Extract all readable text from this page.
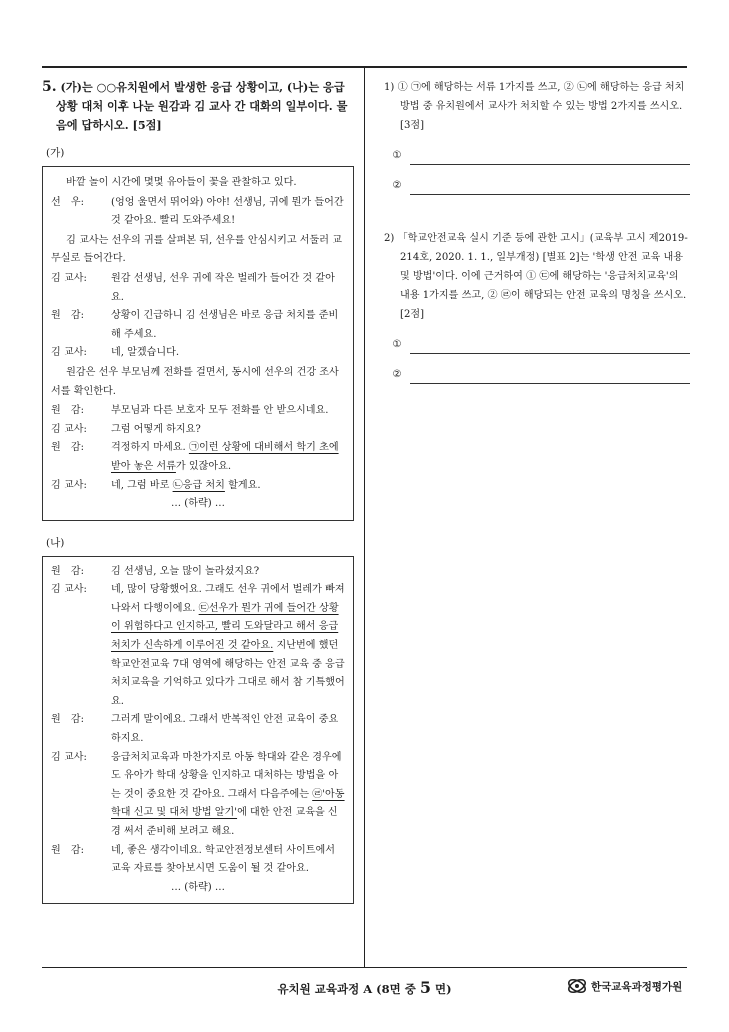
5. (가)는 ○○유치원에서 발생한 응급 상황이고, (나)는 응급 상황 대처 이후 나눈 원감과 김 교사 간 대화의 일부이다. 물음에 답하시오. [5점]
(가)
바깥 놀이 시간에 몇몇 유아들이 꽃을 관찰하고 있다.
선　우:	(엉엉 울면서 뛰어와) 아야! 선생님, 귀에 뭔가 들어간 것 같아요. 빨리 도와주세요!
김 교사는 선우의 귀를 살펴본 뒤, 선우를 안심시키고 서둘러 교무실로 들어간다.
김 교사:	원감 선생님, 선우 귀에 작은 벌레가 들어간 것 같아요.
원　감:	상황이 긴급하니 김 선생님은 바로 응급 처치를 준비해 주세요.
김 교사:	네, 알겠습니다.
원감은 선우 부모님께 전화를 걸면서, 동시에 선우의 건강 조사서를 확인한다.
원　감:	부모님과 다른 보호자 모두 전화를 안 받으시네요.
김 교사:	그럼 어떻게 하지요?
원　감:	걱정하지 마세요. ㉠이런 상황에 대비해서 학기 초에 받아 놓은 서류가 있잖아요.
김 교사:	네, 그럼 바로 ㉡응급 처치 할게요.
… (하략) …
(나)
원　감:	김 선생님, 오늘 많이 놀라셨지요?
김 교사:	네, 많이 당황했어요. 그래도 선우 귀에서 벌레가 빠져 나와서 다행이에요. ㉢선우가 뭔가 귀에 들어간 상황이 위험하다고 인지하고, 빨리 도와달라고 해서 응급 처치가 신속하게 이루어진 것 같아요. 지난번에 했던 학교안전교육 7대 영역에 해당하는 안전 교육 중 응급처치교육을 기억하고 있다가 그대로 해서 참 기특했어요.
원　감:	그러게 말이에요. 그래서 반복적인 안전 교육이 중요하지요.
김 교사:	응급처치교육과 마찬가지로 아동 학대와 같은 경우에도 유아가 학대 상황을 인지하고 대처하는 방법을 아는 것이 중요한 것 같아요. 그래서 다음주에는 ㉣'아동 학대 신고 및 대처 방법 알기'에 대한 안전 교육을 신경 써서 준비해 보려고 해요.
원　감:	네, 좋은 생각이네요. 학교안전정보센터 사이트에서 교육 자료를 찾아보시면 도움이 될 것 같아요.
… (하략) …
1) ① ㉠에 해당하는 서류 1가지를 쓰고, ② ㉡에 해당하는 응급 처치 방법 중 유치원에서 교사가 처치할 수 있는 방법 2가지를 쓰시오. [3점]
①
②
2) 「학교안전교육 실시 기준 등에 관한 고시」(교육부 고시 제2019-214호, 2020. 1. 1., 일부개정) [별표 2]는 '학생 안전 교육 내용 및 방법'이다. 이에 근거하여 ① ㉢에 해당하는 '응급처치교육'의 내용 1가지를 쓰고, ② ㉣이 해당되는 안전 교육의 명칭을 쓰시오. [2점]
①
②
유치원 교육과정 A (8면 중 5 면)	한국교육과정평가원
